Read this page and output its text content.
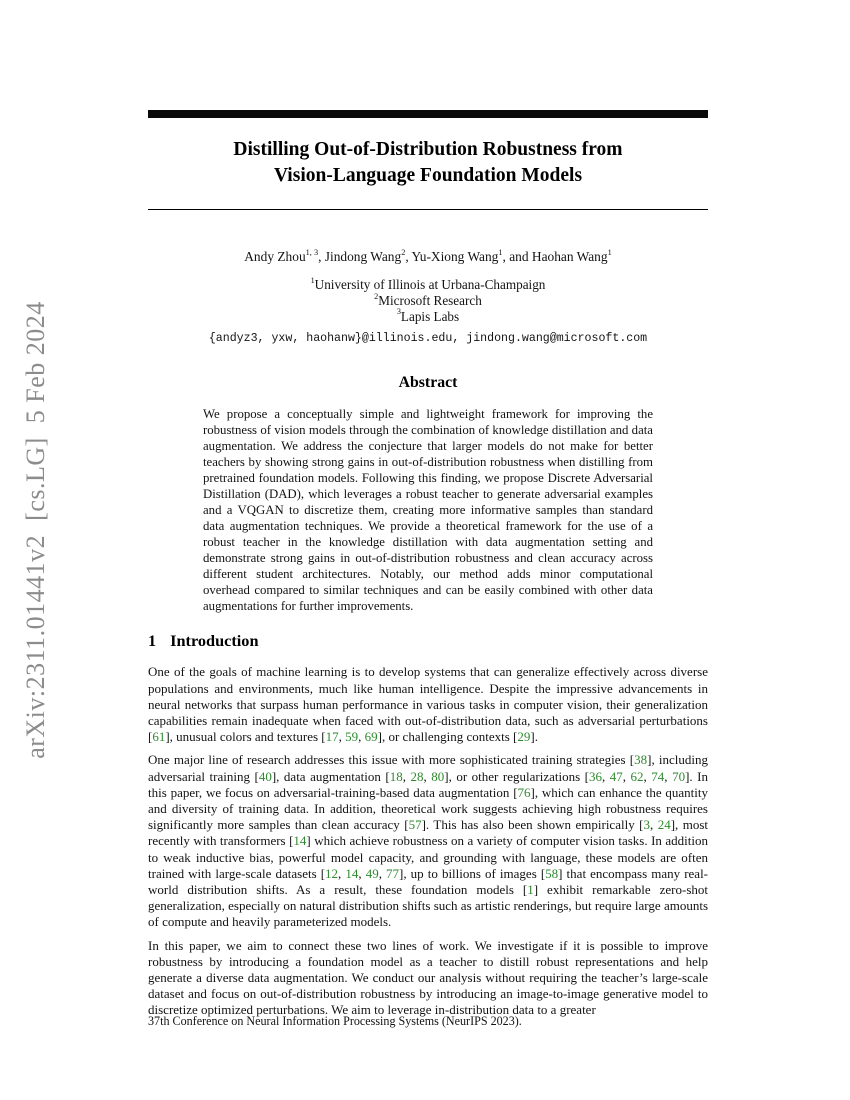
arXiv:2311.01441v2  [cs.LG]  5 Feb 2024
Distilling Out-of-Distribution Robustness from
Vision-Language Foundation Models
Andy Zhou$^{1, 3}$, Jindong Wang$^2$, Yu-Xiong Wang$^1$, and Haohan Wang$^1$
$^1$University of Illinois at Urbana-Champaign
$^2$Microsoft Research
$^3$Lapis Labs
{andyz3, yxw, haohanw}@illinois.edu, jindong.wang@microsoft.com
Abstract
We propose a conceptually simple and lightweight framework for improving the robustness of vision models through the combination of knowledge distillation and data augmentation. We address the conjecture that larger models do not make for better teachers by showing strong gains in out-of-distribution robustness when distilling from pretrained foundation models. Following this finding, we propose Discrete Adversarial Distillation (DAD), which leverages a robust teacher to generate adversarial examples and a VQGAN to discretize them, creating more informative samples than standard data augmentation techniques. We provide a theoretical framework for the use of a robust teacher in the knowledge distillation with data augmentation setting and demonstrate strong gains in out-of-distribution robustness and clean accuracy across different student architectures. Notably, our method adds minor computational overhead compared to similar techniques and can be easily combined with other data augmentations for further improvements.
1 Introduction
One of the goals of machine learning is to develop systems that can generalize effectively across diverse populations and environments, much like human intelligence. Despite the impressive advancements in neural networks that surpass human performance in various tasks in computer vision, their generalization capabilities remain inadequate when faced with out-of-distribution data, such as adversarial perturbations [61], unusual colors and textures [17, 59, 69], or challenging contexts [29].
One major line of research addresses this issue with more sophisticated training strategies [38], including adversarial training [40], data augmentation [18, 28, 80], or other regularizations [36, 47, 62, 74, 70]. In this paper, we focus on adversarial-training-based data augmentation [76], which can enhance the quantity and diversity of training data. In addition, theoretical work suggests achieving high robustness requires significantly more samples than clean accuracy [57]. This has also been shown empirically [3, 24], most recently with transformers [14] which achieve robustness on a variety of computer vision tasks. In addition to weak inductive bias, powerful model capacity, and grounding with language, these models are often trained with large-scale datasets [12, 14, 49, 77], up to billions of images [58] that encompass many real-world distribution shifts. As a result, these foundation models [1] exhibit remarkable zero-shot generalization, especially on natural distribution shifts such as artistic renderings, but require large amounts of compute and heavily parameterized models.
In this paper, we aim to connect these two lines of work. We investigate if it is possible to improve robustness by introducing a foundation model as a teacher to distill robust representations and help generate a diverse data augmentation. We conduct our analysis without requiring the teacher’s large-scale dataset and focus on out-of-distribution robustness by introducing an image-to-image generative model to discretize optimized perturbations. We aim to leverage in-distribution data to a greater
37th Conference on Neural Information Processing Systems (NeurIPS 2023).
